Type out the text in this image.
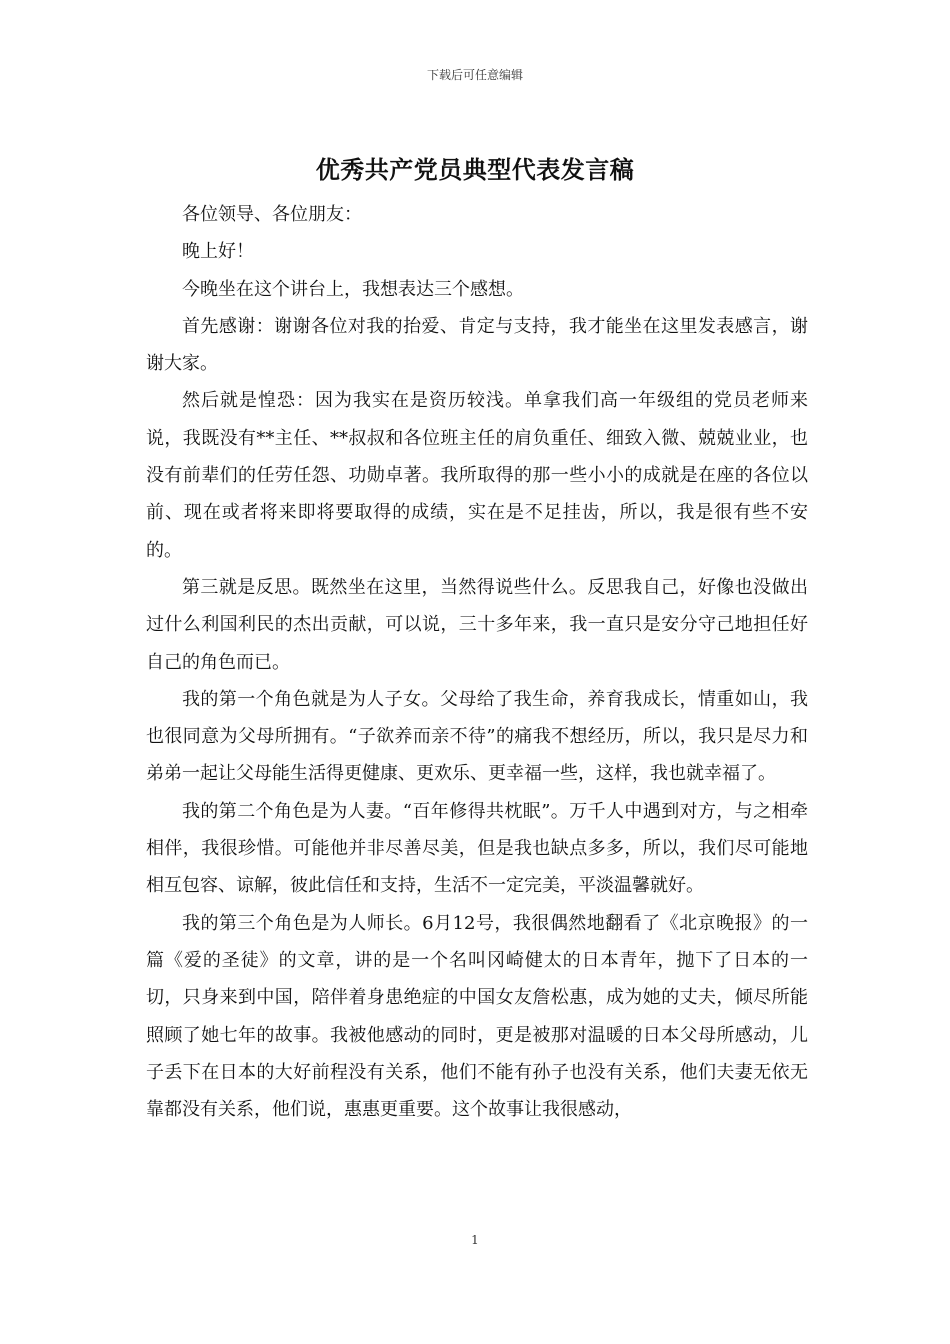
下载后可任意编辑
优秀共产党员典型代表发言稿

各位领导、各位朋友：

晚上好！

今晚坐在这个讲台上，我想表达三个感想。

首先感谢：谢谢各位对我的抬爱、肯定与支持，我才能坐在这里发表感言，谢谢大家。

然后就是惶恐：因为我实在是资历较浅。单拿我们高一年级组的党员老师来说，我既没有**主任、**叔叔和各位班主任的肩负重任、细致入微、兢兢业业，也没有前辈们的任劳任怨、功勋卓著。我所取得的那一些小小的成就是在座的各位以前、现在或者将来即将要取得的成绩，实在是不足挂齿，所以，我是很有些不安的。

第三就是反思。既然坐在这里，当然得说些什么。反思我自己，好像也没做出过什么利国利民的杰出贡献，可以说，三十多年来，我一直只是安分守己地担任好自己的角色而已。

我的第一个角色就是为人子女。父母给了我生命，养育我成长，情重如山，我也很同意为父母所拥有。“子欲养而亲不待”的痛我不想经历，所以，我只是尽力和弟弟一起让父母能生活得更健康、更欢乐、更幸福一些，这样，我也就幸福了。

我的第二个角色是为人妻。“百年修得共枕眠”。万千人中遇到对方，与之相牵相伴，我很珍惜。可能他并非尽善尽美，但是我也缺点多多，所以，我们尽可能地相互包容、谅解，彼此信任和支持，生活不一定完美，平淡温馨就好。

我的第三个角色是为人师长。6月12号，我很偶然地翻看了《北京晚报》的一篇《爱的圣徒》的文章，讲的是一个名叫冈崎健太的日本青年，抛下了日本的一切，只身来到中国，陪伴着身患绝症的中国女友詹松惠，成为她的丈夫，倾尽所能照顾了她七年的故事。我被他感动的同时，更是被那对温暖的日本父母所感动，儿子丢下在日本的大好前程没有关系，他们不能有孙子也没有关系，他们夫妻无依无靠都没有关系，他们说，惠惠更重要。这个故事让我很感动，

1
